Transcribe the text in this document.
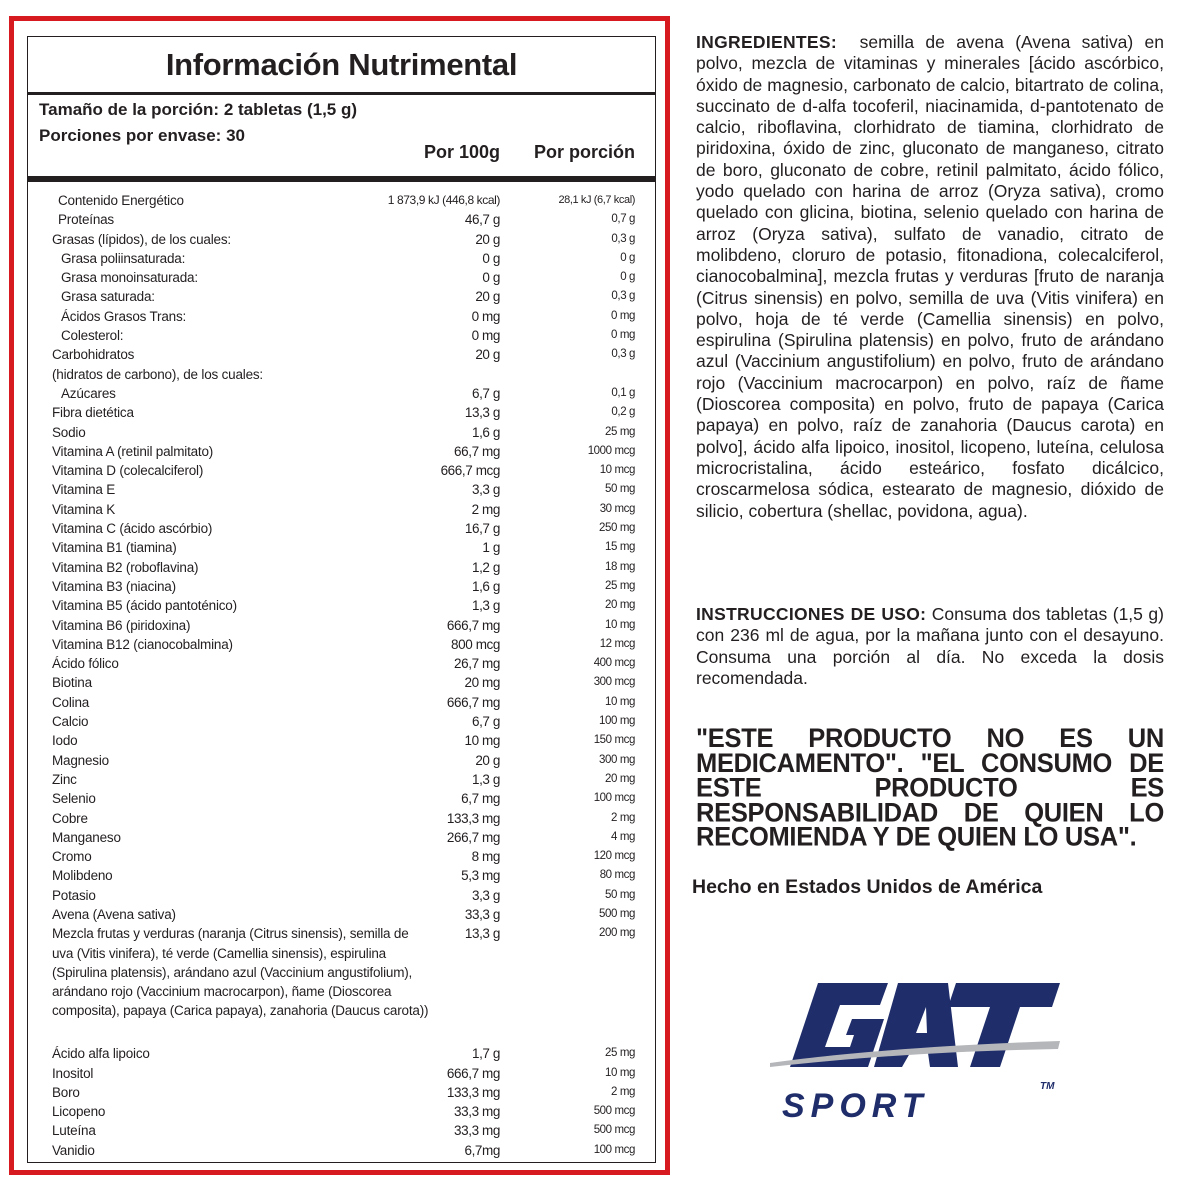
Información Nutrimental
Tamaño de la porción: 2 tabletas (1,5 g)
Porciones por envase: 30
Por 100g Por porción
Contenido Energético	1 873,9 kJ (446,8 kcal)	28,1 kJ (6,7 kcal)
Proteínas	46,7 g	0,7 g
Grasas (lípidos), de los cuales:	20 g	0,3 g
Grasa poliinsaturada:	0 g	0 g
Grasa monoinsaturada:	0 g	0 g
Grasa saturada:	20 g	0,3 g
Ácidos Grasos Trans:	0 mg	0 mg
Colesterol:	0 mg	0 mg
Carbohidratos	20 g	0,3 g
(hidratos de carbono), de los cuales:
Azúcares	6,7 g	0,1 g
Fibra dietética	13,3 g	0,2 g
Sodio	1,6 g	25 mg
Vitamina A (retinil palmitato)	66,7 mg	1000 mcg
Vitamina D (colecalciferol)	666,7 mcg	10 mcg
Vitamina E	3,3 g	50 mg
Vitamina K	2 mg	30 mcg
Vitamina C (ácido ascórbio)	16,7 g	250 mg
Vitamina B1 (tiamina)	1 g	15 mg
Vitamina B2 (roboflavina)	1,2 g	18 mg
Vitamina B3 (niacina)	1,6 g	25 mg
Vitamina B5 (ácido pantoténico)	1,3 g	20 mg
Vitamina B6 (piridoxina)	666,7 mg	10 mg
Vitamina B12 (cianocobalmina)	800 mcg	12 mcg
Ácido fólico	26,7 mg	400 mcg
Biotina	20 mg	300 mcg
Colina	666,7 mg	10 mg
Calcio	6,7 g	100 mg
Iodo	10 mg	150 mcg
Magnesio	20 g	300 mg
Zinc	1,3 g	20 mg
Selenio	6,7 mg	100 mcg
Cobre	133,3 mg	2 mg
Manganeso	266,7 mg	4 mg
Cromo	8 mg	120 mcg
Molibdeno	5,3 mg	80 mcg
Potasio	3,3 g	50 mg
Avena (Avena sativa)	33,3 g	500 mg
Mezcla frutas y verduras (naranja (Citrus sinensis), semilla de uva (Vitis vinifera), té verde (Camellia sinensis), espirulina (Spirulina platensis), arándano azul (Vaccinium angustifolium), arándano rojo (Vaccinium macrocarpon), ñame (Dioscorea composita), papaya (Carica papaya), zanahoria (Daucus carota))
13,3 g	200 mg
Ácido alfa lipoico	1,7 g	25 mg
Inositol	666,7 mg	10 mg
Boro	133,3 mg	2 mg
Licopeno	33,3 mg	500 mcg
Luteína	33,3 mg	500 mcg
Vanidio	6,7mg	100 mcg
INGREDIENTES: semilla de avena (Avena sativa) en polvo, mezcla de vitaminas y minerales [ácido ascórbico, óxido de magnesio, carbonato de calcio, bitartrato de colina, succinato de d-alfa tocoferil, niacinamida, d-pantotenato de calcio, riboflavina, clorhidrato de tiamina, clorhidrato de piridoxina, óxido de zinc, gluconato de manganeso, citrato de boro, gluconato de cobre, retinil palmitato, ácido fólico, yodo quelado con harina de arroz (Oryza sativa), cromo quelado con glicina, biotina, selenio quelado con harina de arroz (Oryza sativa), sulfato de vanadio, citrato de molibdeno, cloruro de potasio, fitonadiona, colecalciferol, cianocobalmina], mezcla frutas y verduras [fruto de naranja (Citrus sinensis) en polvo, semilla de uva (Vitis vinifera) en polvo, hoja de té verde (Camellia sinensis) en polvo, espirulina (Spirulina platensis) en polvo, fruto de arándano azul (Vaccinium angustifolium) en polvo, fruto de arándano rojo (Vaccinium macrocarpon) en polvo, raíz de ñame (Dioscorea composita) en polvo, fruto de papaya (Carica papaya) en polvo, raíz de zanahoria (Daucus carota) en polvo], ácido alfa lipoico, inositol, licopeno, luteína, celulosa microcristalina, ácido esteárico, fosfato dicálcico, croscarmelosa sódica, estearato de magnesio, dióxido de silicio, cobertura (shellac, povidona, agua).
INSTRUCCIONES DE USO: Consuma dos tabletas (1,5 g) con 236 ml de agua, por la mañana junto con el desayuno. Consuma una porción al día. No exceda la dosis recomendada.
"ESTE PRODUCTO NO ES UN MEDICAMENTO". "EL CONSUMO DE ESTE PRODUCTO ES RESPONSABILIDAD DE QUIEN LO RECOMIENDA Y DE QUIEN LO USA".
Hecho en Estados Unidos de América
TM
SPORT
